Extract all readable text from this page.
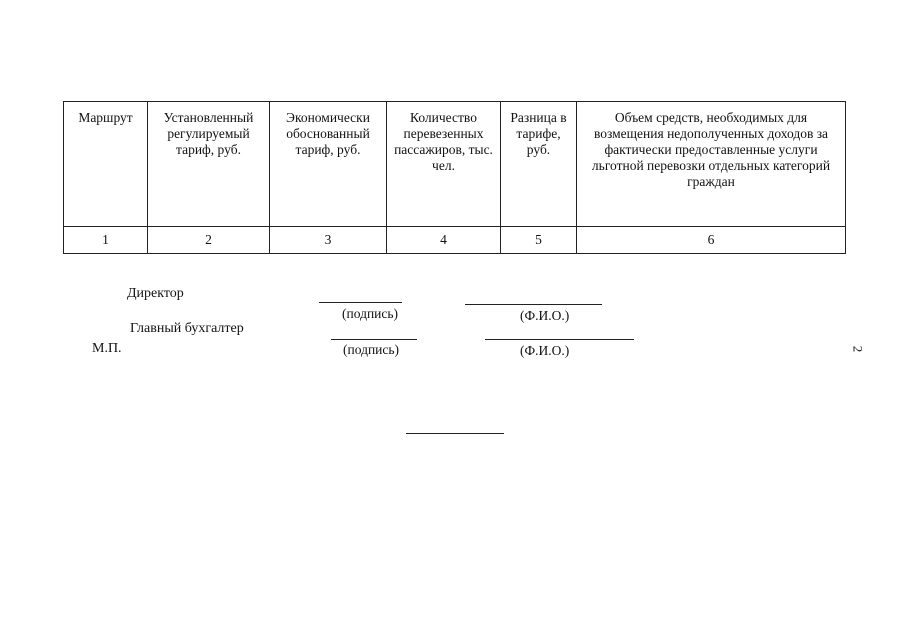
Маршрут	Установленный регулируемый тариф, руб.	Экономически обоснованный тариф, руб.	Количество перевезенных пассажиров, тыс. чел.	Разница в тарифе, руб.	Объем средств, необходимых для возмещения недополученных доходов за фактически предоставленные услуги льготной перевозки отдельных категорий граждан
1	2	3	4	5	6
Директор
(подпись)	(Ф.И.О.)
Главный бухгалтер
(подпись)	(Ф.И.О.)
М.П.	2
